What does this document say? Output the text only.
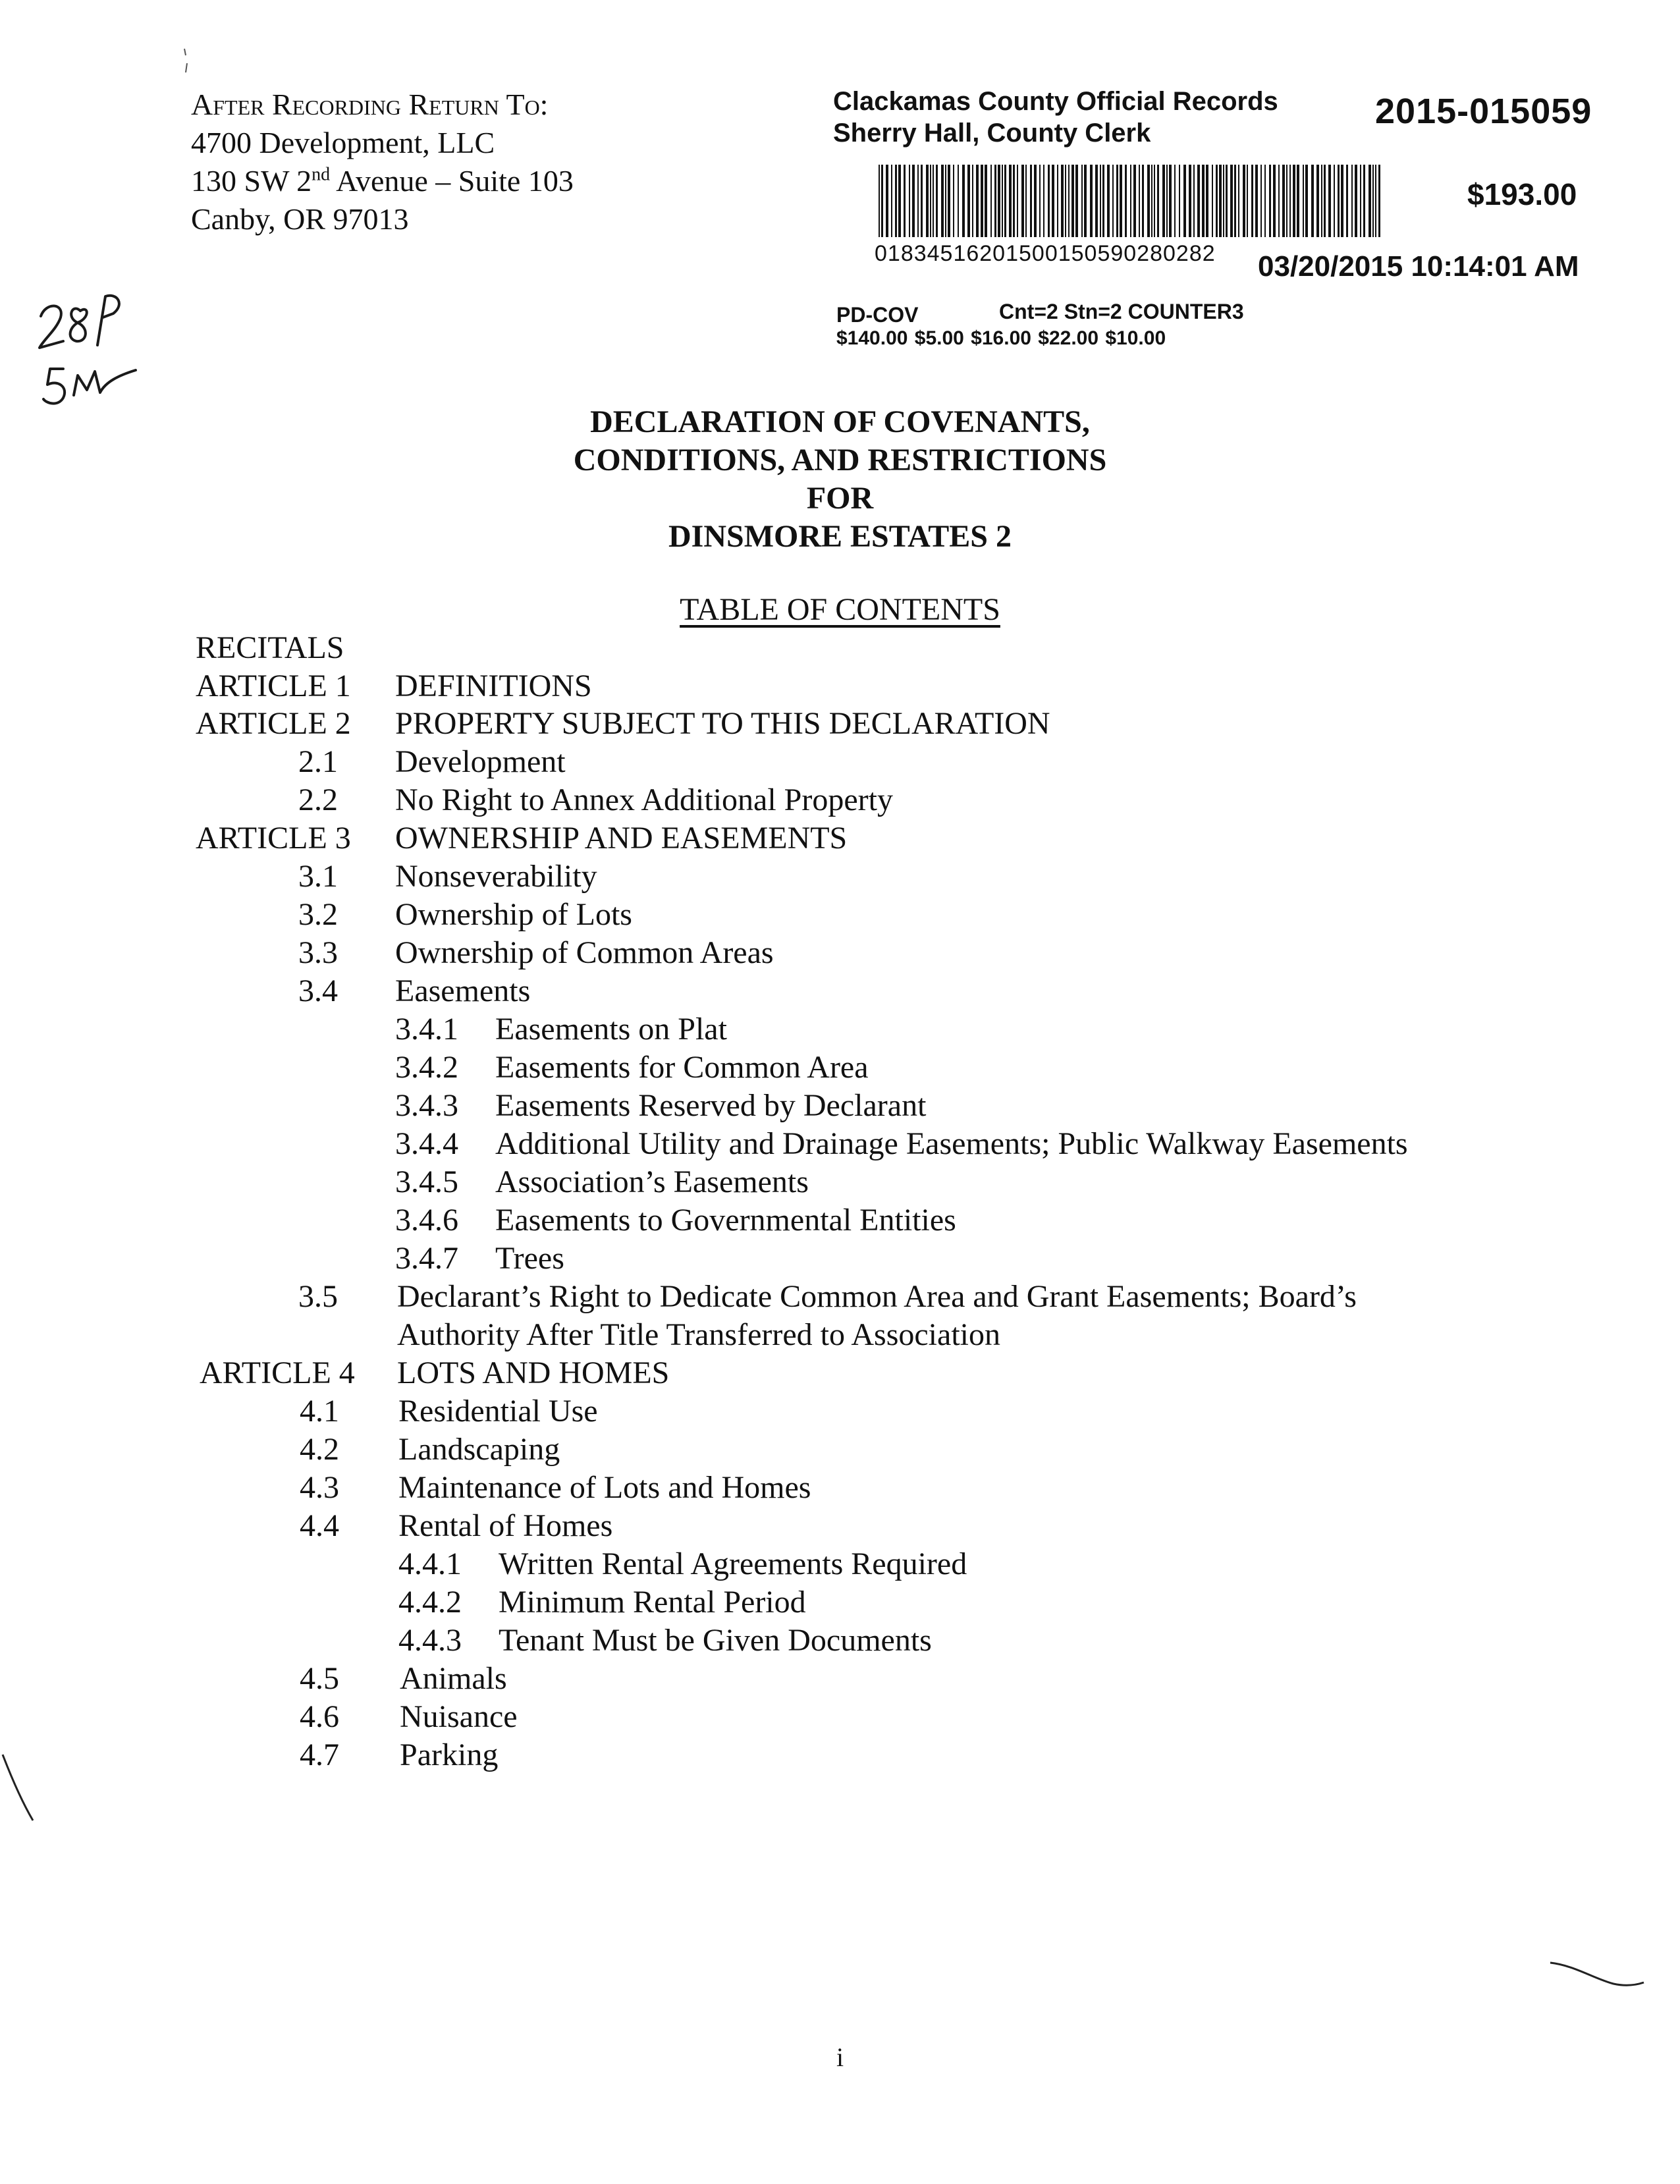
After Recording Return To:
4700 Development, LLC
130 SW 2nd Avenue – Suite 103
Canby, OR 97013
Clackamas County Official Records
Sherry Hall, County Clerk
2015-015059
$193.00
01834516201500150590280282 03/20/2015 10:14:01 AM
PD-COV	Cnt=2 Stn=2 COUNTER3
$140.00 $5.00 $16.00 $22.00 $10.00
DECLARATION OF COVENANTS,
CONDITIONS, AND RESTRICTIONS
FOR
DINSMORE ESTATES 2
TABLE OF CONTENTS
RECITALS
ARTICLE 1 DEFINITIONS
ARTICLE 2 PROPERTY SUBJECT TO THIS DECLARATION
2.1 Development
2.2 No Right to Annex Additional Property
ARTICLE 3 OWNERSHIP AND EASEMENTS
3.1 Nonseverability
3.2 Ownership of Lots
3.3 Ownership of Common Areas
3.4 Easements
3.4.1 Easements on Plat
3.4.2 Easements for Common Area
3.4.3 Easements Reserved by Declarant
3.4.4 Additional Utility and Drainage Easements; Public Walkway Easements
3.4.5 Association’s Easements
3.4.6 Easements to Governmental Entities
3.4.7 Trees
3.5 Declarant’s Right to Dedicate Common Area and Grant Easements; Board’s
Authority After Title Transferred to Association
ARTICLE 4 LOTS AND HOMES
4.1 Residential Use
4.2 Landscaping
4.3 Maintenance of Lots and Homes
4.4 Rental of Homes
4.4.1 Written Rental Agreements Required
4.4.2 Minimum Rental Period
4.4.3 Tenant Must be Given Documents
4.5 Animals
4.6 Nuisance
4.7 Parking
i
